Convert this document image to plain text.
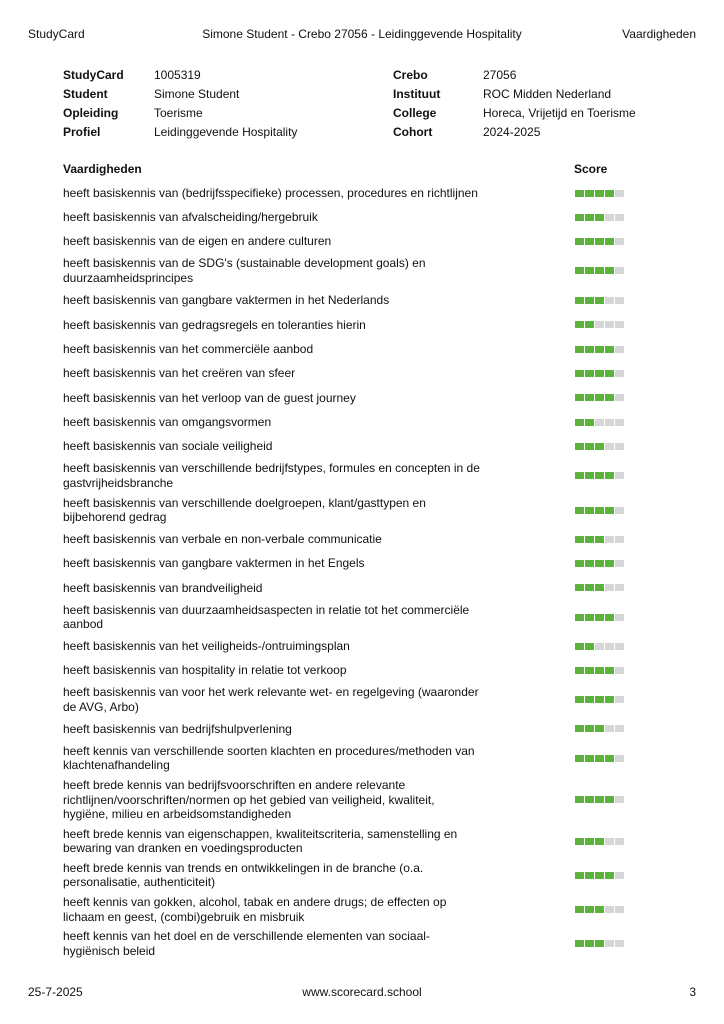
StudyCard	Simone Student - Crebo 27056 - Leidinggevende Hospitality	Vaardigheden
StudyCard	1005319	Crebo	27056
Student	Simone Student	Instituut	ROC Midden Nederland
Opleiding	Toerisme	College	Horeca, Vrijetijd en Toerisme
Profiel	Leidinggevende Hospitality	Cohort	2024-2025
Vaardigheden	Score
heeft basiskennis van (bedrijfsspecifieke) processen, procedures en richtlijnen
heeft basiskennis van afvalscheiding/hergebruik
heeft basiskennis van de eigen en andere culturen
heeft basiskennis van de SDG's (sustainable development goals) en duurzaamheidsprincipes
heeft basiskennis van gangbare vaktermen in het Nederlands
heeft basiskennis van gedragsregels en toleranties hierin
heeft basiskennis van het commerciële aanbod
heeft basiskennis van het creëren van sfeer
heeft basiskennis van het verloop van de guest journey
heeft basiskennis van omgangsvormen
heeft basiskennis van sociale veiligheid
heeft basiskennis van verschillende bedrijfstypes, formules en concepten in de gastvrijheidsbranche
heeft basiskennis van verschillende doelgroepen, klant/gasttypen en bijbehorend gedrag
heeft basiskennis van verbale en non-verbale communicatie
heeft basiskennis van gangbare vaktermen in het Engels
heeft basiskennis van brandveiligheid
heeft basiskennis van duurzaamheidsaspecten in relatie tot het commerciële aanbod
heeft basiskennis van het veiligheids-/ontruimingsplan
heeft basiskennis van hospitality in relatie tot verkoop
heeft basiskennis van voor het werk relevante wet- en regelgeving (waaronder de AVG, Arbo)
heeft basiskennis van bedrijfshulpverlening
heeft kennis van verschillende soorten klachten en procedures/methoden van klachtenafhandeling
heeft brede kennis van bedrijfsvoorschriften en andere relevante richtlijnen/voorschriften/normen op het gebied van veiligheid, kwaliteit, hygiëne, milieu en arbeidsomstandigheden
heeft brede kennis van eigenschappen, kwaliteitscriteria, samenstelling en bewaring van dranken en voedingsproducten
heeft brede kennis van trends en ontwikkelingen in de branche (o.a. personalisatie, authenticiteit)
heeft kennis van gokken, alcohol, tabak en andere drugs; de effecten op lichaam en geest, (combi)gebruik en misbruik
heeft kennis van het doel en de verschillende elementen van sociaal-hygiënisch beleid
25-7-2025	www.scorecard.school	3
